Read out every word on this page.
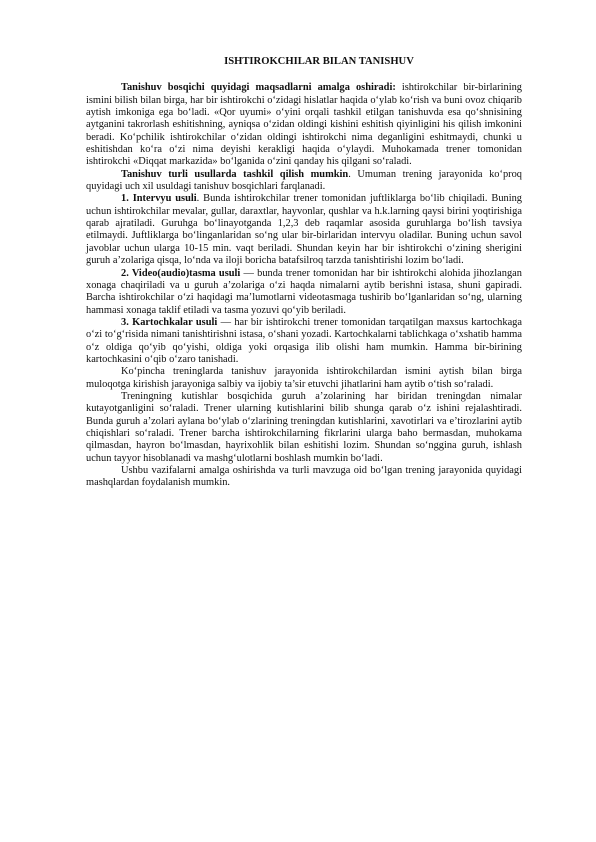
ISHTIROKCHILAR BILAN TANISHUV

Tanishuv bosqichi quyidagi maqsadlarni amalga oshiradi: ishtirokchilar bir-birlarining ismini bilish bilan birga, har bir ishtirokchi o‘zidagi hislatlar haqida o‘ylab ko‘rish va buni ovoz chiqarib aytish imkoniga ega bo‘ladi. «Qor uyumi» o‘yini orqali tashkil etilgan tanishuvda esa qo‘shnisining aytganini takrorlash eshitishning, ayniqsa o‘zidan oldingi kishini eshitish qiyinligini his qilish imkonini beradi. Ko‘pchilik ishtirokchilar o‘zidan oldingi ishtirokchi nima deganligini eshitmaydi, chunki u eshitishdan ko‘ra o‘zi nima deyishi kerakligi haqida o‘ylaydi. Muhokamada trener tomonidan ishtirokchi «Diqqat markazida» bo‘lganida o‘zini qanday his qilgani so‘raladi.

Tanishuv turli usullarda tashkil qilish mumkin. Umuman trening jarayonida ko‘proq quyidagi uch xil usuldagi tanishuv bosqichlari farqlanadi.

1. Intervyu usuli. Bunda ishtirokchilar trener tomonidan juftliklarga bo‘lib chiqiladi. Buning uchun ishtirokchilar mevalar, gullar, daraxtlar, hayvonlar, qushlar va h.k.larning qaysi birini yoqtirishiga qarab ajratiladi. Guruhga bo‘linayotganda 1,2,3 deb raqamlar asosida guruhlarga bo‘lish tavsiya etilmaydi. Juftliklarga bo‘linganlaridan so‘ng ular bir-birlaridan intervyu oladilar. Buning uchun savol javoblar uchun ularga 10-15 min. vaqt beriladi. Shundan keyin har bir ishtirokchi o‘zining sherigini guruh a’zolariga qisqa, lo‘nda va iloji boricha batafsilroq tarzda tanishtirishi lozim bo‘ladi.

2. Video(audio)tasma usuli — bunda trener tomonidan har bir ishtirokchi alohida jihozlangan xonaga chaqiriladi va u guruh a’zolariga o‘zi haqda nimalarni aytib berishni istasa, shuni gapiradi. Barcha ishtirokchilar o‘zi haqidagi ma’lumotlarni videotasmaga tushirib bo‘lganlaridan so‘ng, ularning hammasi xonaga taklif etiladi va tasma yozuvi qo‘yib beriladi.

3. Kartochkalar usuli — har bir ishtirokchi trener tomonidan tarqatilgan maxsus kartochkaga o‘zi to‘g‘risida nimani tanishtirishni istasa, o‘shani yozadi. Kartochkalarni tablichkaga o‘xshatib hamma o‘z oldiga qo‘yib qo‘yishi, oldiga yoki orqasiga ilib olishi ham mumkin. Hamma bir-birining kartochkasini o‘qib o‘zaro tanishadi.

Ko‘pincha treninglarda tanishuv jarayonida ishtirokchilardan ismini aytish bilan birga muloqotga kirishish jarayoniga salbiy va ijobiy ta’sir etuvchi jihatlarini ham aytib o‘tish so‘raladi.

Treningning kutishlar bosqichida guruh a’zolarining har biridan treningdan nimalar kutayotganligini so‘raladi. Trener ularning kutishlarini bilib shunga qarab o‘z ishini rejalashtiradi. Bunda guruh a’zolari aylana bo‘ylab o‘zlarining treningdan kutishlarini, xavotirlari va e’tirozlarini aytib chiqishlari so‘raladi. Trener barcha ishtirokchilarning fikrlarini ularga baho bermasdan, muhokama qilmasdan, hayron bo‘lmasdan, hayrixohlik bilan eshitishi lozim. Shundan so‘nggina guruh, ishlash uchun tayyor hisoblanadi va mashg‘ulotlarni boshlash mumkin bo‘ladi.

Ushbu vazifalarni amalga oshirishda va turli mavzuga oid bo‘lgan trening jarayonida quyidagi mashqlardan foydalanish mumkin.
